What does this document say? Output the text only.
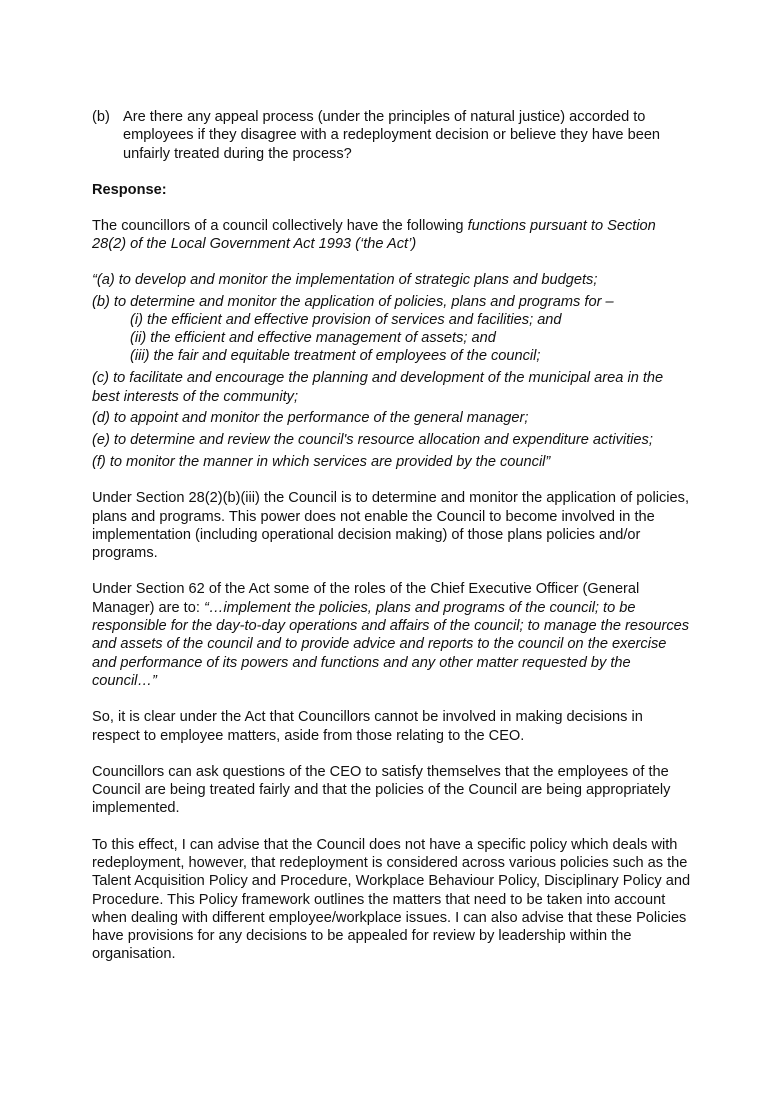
(b) Are there any appeal process (under the principles of natural justice) accorded to employees if they disagree with a redeployment decision or believe they have been unfairly treated during the process?

Response:

The councillors of a council collectively have the following functions pursuant to Section 28(2) of the Local Government Act 1993 (‘the Act’)

“(a) to develop and monitor the implementation of strategic plans and budgets;

(b) to determine and monitor the application of policies, plans and programs for –

(i) the efficient and effective provision of services and facilities; and

(ii) the efficient and effective management of assets; and

(iii) the fair and equitable treatment of employees of the council;

(c) to facilitate and encourage the planning and development of the municipal area in the best interests of the community;

(d) to appoint and monitor the performance of the general manager;

(e) to determine and review the council's resource allocation and expenditure activities;

(f) to monitor the manner in which services are provided by the council”

Under Section 28(2)(b)(iii) the Council is to determine and monitor the application of policies, plans and programs. This power does not enable the Council to become involved in the implementation (including operational decision making) of those plans policies and/or programs.

Under Section 62 of the Act some of the roles of the Chief Executive Officer (General Manager) are to: “…implement the policies, plans and programs of the council; to be responsible for the day-to-day operations and affairs of the council; to manage the resources and assets of the council and to provide advice and reports to the council on the exercise and performance of its powers and functions and any other matter requested by the council…”

So, it is clear under the Act that Councillors cannot be involved in making decisions in respect to employee matters, aside from those relating to the CEO.

Councillors can ask questions of the CEO to satisfy themselves that the employees of the Council are being treated fairly and that the policies of the Council are being appropriately implemented.

To this effect, I can advise that the Council does not have a specific policy which deals with redeployment, however, that redeployment is considered across various policies such as the Talent Acquisition Policy and Procedure, Workplace Behaviour Policy, Disciplinary Policy and Procedure. This Policy framework outlines the matters that need to be taken into account when dealing with different employee/workplace issues. I can also advise that these Policies have provisions for any decisions to be appealed for review by leadership within the organisation.
